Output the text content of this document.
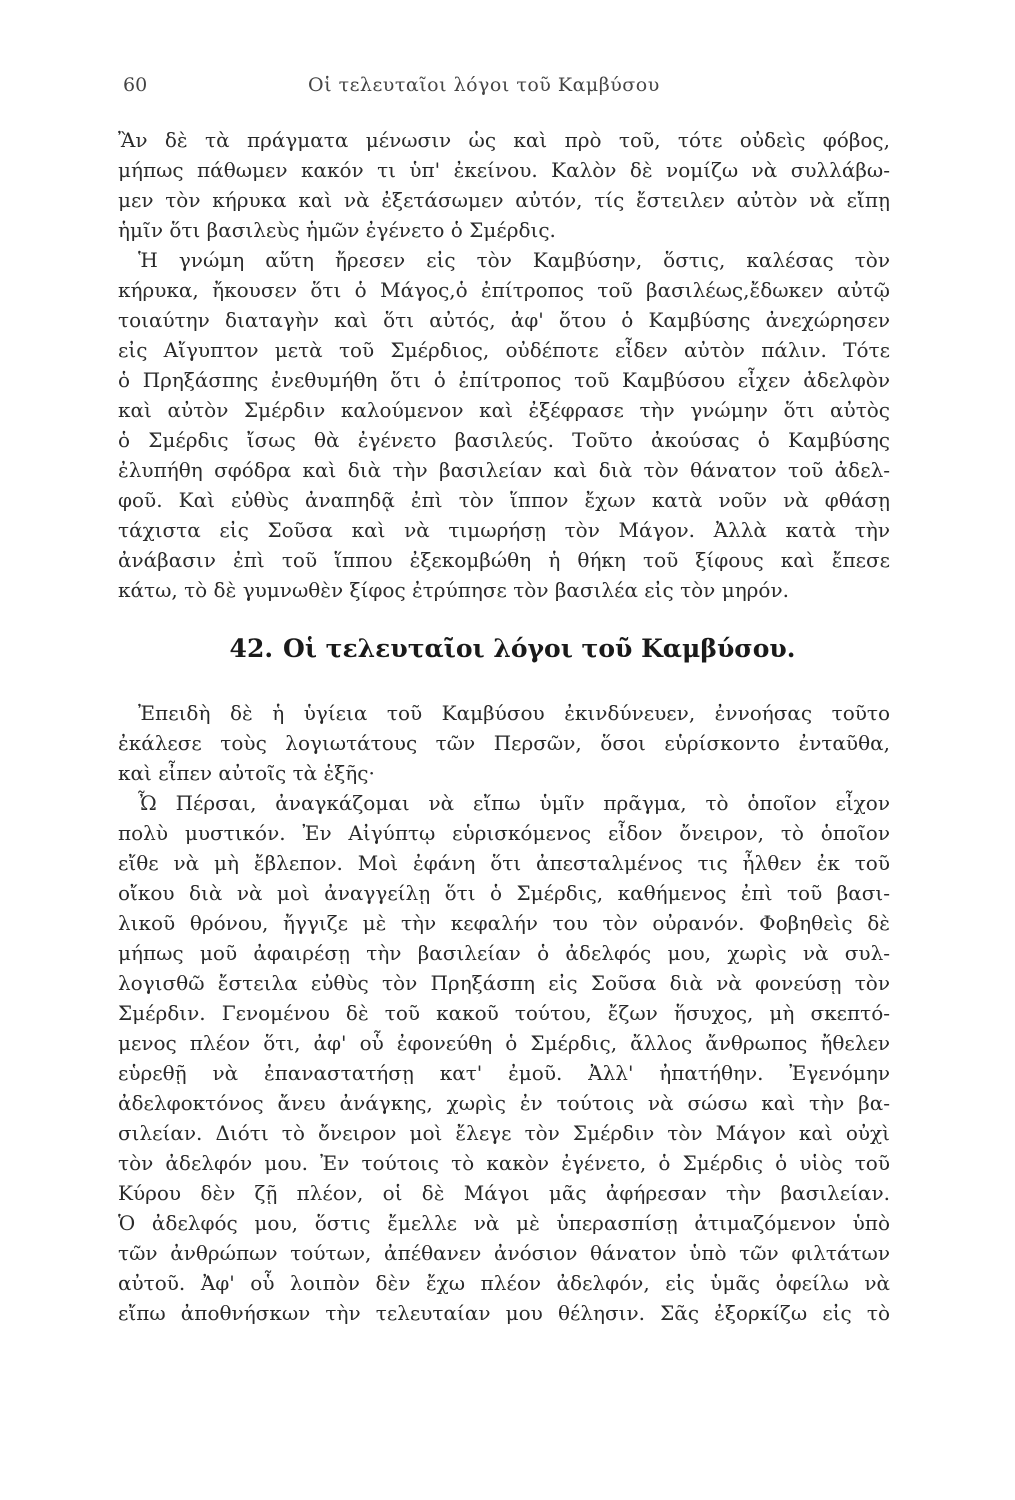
60	Οἱ τελευταῖοι λόγοι τοῦ Καμβύσου
Ἂν δὲ τὰ πράγματα μένωσιν ὡς καὶ πρὸ τοῦ, τότε οὐδεὶς φόβος,
μήπως πάθωμεν κακόν τι ὑπ' ἐκείνου. Καλὸν δὲ νομίζω νὰ συλλάβω-
μεν τὸν κήρυκα καὶ νὰ ἐξετάσωμεν αὐτόν, τίς ἔστειλεν αὐτὸν νὰ εἴπῃ
ἡμῖν ὅτι βασιλεὺς ἡμῶν ἐγένετο ὁ Σμέρδις.
Ἡ γνώμη αὕτη ἤρεσεν εἰς τὸν Καμβύσην, ὅστις, καλέσας τὸν
κήρυκα, ἤκουσεν ὅτι ὁ Μάγος,ὁ ἐπίτροπος τοῦ βασιλέως,ἔδωκεν αὐτῷ
τοιαύτην διαταγὴν καὶ ὅτι αὐτός, ἀφ' ὅτου ὁ Καμβύσης ἀνεχώρησεν
εἰς Αἴγυπτον μετὰ τοῦ Σμέρδιος, οὐδέποτε εἶδεν αὐτὸν πάλιν. Τότε
ὁ Πρηξάσπης ἐνεθυμήθη ὅτι ὁ ἐπίτροπος τοῦ Καμβύσου εἶχεν ἀδελφὸν
καὶ αὐτὸν Σμέρδιν καλούμενον καὶ ἐξέφρασε τὴν γνώμην ὅτι αὐτὸς
ὁ Σμέρδις ἴσως θὰ ἐγένετο βασιλεύς. Τοῦτο ἀκούσας ὁ Καμβύσης
ἐλυπήθη σφόδρα καὶ διὰ τὴν βασιλείαν καὶ διὰ τὸν θάνατον τοῦ ἀδελ-
φοῦ. Καὶ εὐθὺς ἀναπηδᾷ ἐπὶ τὸν ἵππον ἔχων κατὰ νοῦν νὰ φθάσῃ
τάχιστα εἰς Σοῦσα καὶ νὰ τιμωρήσῃ τὸν Μάγον. Ἀλλὰ κατὰ τὴν
ἀνάβασιν ἐπὶ τοῦ ἵππου ἐξεκομβώθη ἡ θήκη τοῦ ξίφους καὶ ἔπεσε
κάτω, τὸ δὲ γυμνωθὲν ξίφος ἐτρύπησε τὸν βασιλέα εἰς τὸν μηρόν.
42. Οἱ τελευταῖοι λόγοι τοῦ Καμβύσου.
Ἐπειδὴ δὲ ἡ ὑγίεια τοῦ Καμβύσου ἐκινδύνευεν, ἐννοήσας τοῦτο
ἐκάλεσε τοὺς λογιωτάτους τῶν Περσῶν, ὅσοι εὑρίσκοντο ἐνταῦθα,
καὶ εἶπεν αὐτοῖς τὰ ἑξῆς·
Ὦ Πέρσαι, ἀναγκάζομαι νὰ εἴπω ὑμῖν πρᾶγμα, τὸ ὁποῖον εἶχον
πολὺ μυστικόν. Ἐν Αἰγύπτῳ εὑρισκόμενος εἶδον ὄνειρον, τὸ ὁποῖον
εἴθε νὰ μὴ ἔβλεπον. Μοὶ ἐφάνη ὅτι ἀπεσταλμένος τις ἦλθεν ἐκ τοῦ
οἴκου διὰ νὰ μοὶ ἀναγγείλῃ ὅτι ὁ Σμέρδις, καθήμενος ἐπὶ τοῦ βασι-
λικοῦ θρόνου, ἤγγιζε μὲ τὴν κεφαλήν του τὸν οὐρανόν. Φοβηθεὶς δὲ
μήπως μοῦ ἀφαιρέσῃ τὴν βασιλείαν ὁ ἀδελφός μου, χωρὶς νὰ συλ-
λογισθῶ ἔστειλα εὐθὺς τὸν Πρηξάσπη εἰς Σοῦσα διὰ νὰ φονεύσῃ τὸν
Σμέρδιν. Γενομένου δὲ τοῦ κακοῦ τούτου, ἔζων ἥσυχος, μὴ σκεπτό-
μενος πλέον ὅτι, ἀφ' οὗ ἐφονεύθη ὁ Σμέρδις, ἄλλος ἄνθρωπος ἤθελεν
εὑρεθῇ νὰ ἐπαναστατήσῃ κατ' ἐμοῦ. Ἀλλ' ἠπατήθην. Ἐγενόμην
ἀδελφοκτόνος ἄνευ ἀνάγκης, χωρὶς ἐν τούτοις νὰ σώσω καὶ τὴν βα-
σιλείαν. Διότι τὸ ὄνειρον μοὶ ἔλεγε τὸν Σμέρδιν τὸν Μάγον καὶ οὐχὶ
τὸν ἀδελφόν μου. Ἐν τούτοις τὸ κακὸν ἐγένετο, ὁ Σμέρδις ὁ υἱὸς τοῦ
Κύρου δὲν ζῇ πλέον, οἱ δὲ Μάγοι μᾶς ἀφήρεσαν τὴν βασιλείαν.
Ὁ ἀδελφός μου, ὅστις ἔμελλε νὰ μὲ ὑπερασπίσῃ ἀτιμαζόμενον ὑπὸ
τῶν ἀνθρώπων τούτων, ἀπέθανεν ἀνόσιον θάνατον ὑπὸ τῶν φιλτάτων
αὐτοῦ. Ἀφ' οὗ λοιπὸν δὲν ἔχω πλέον ἀδελφόν, εἰς ὑμᾶς ὀφείλω νὰ
εἴπω ἀποθνήσκων τὴν τελευταίαν μου θέλησιν. Σᾶς ἐξορκίζω εἰς τὸ
